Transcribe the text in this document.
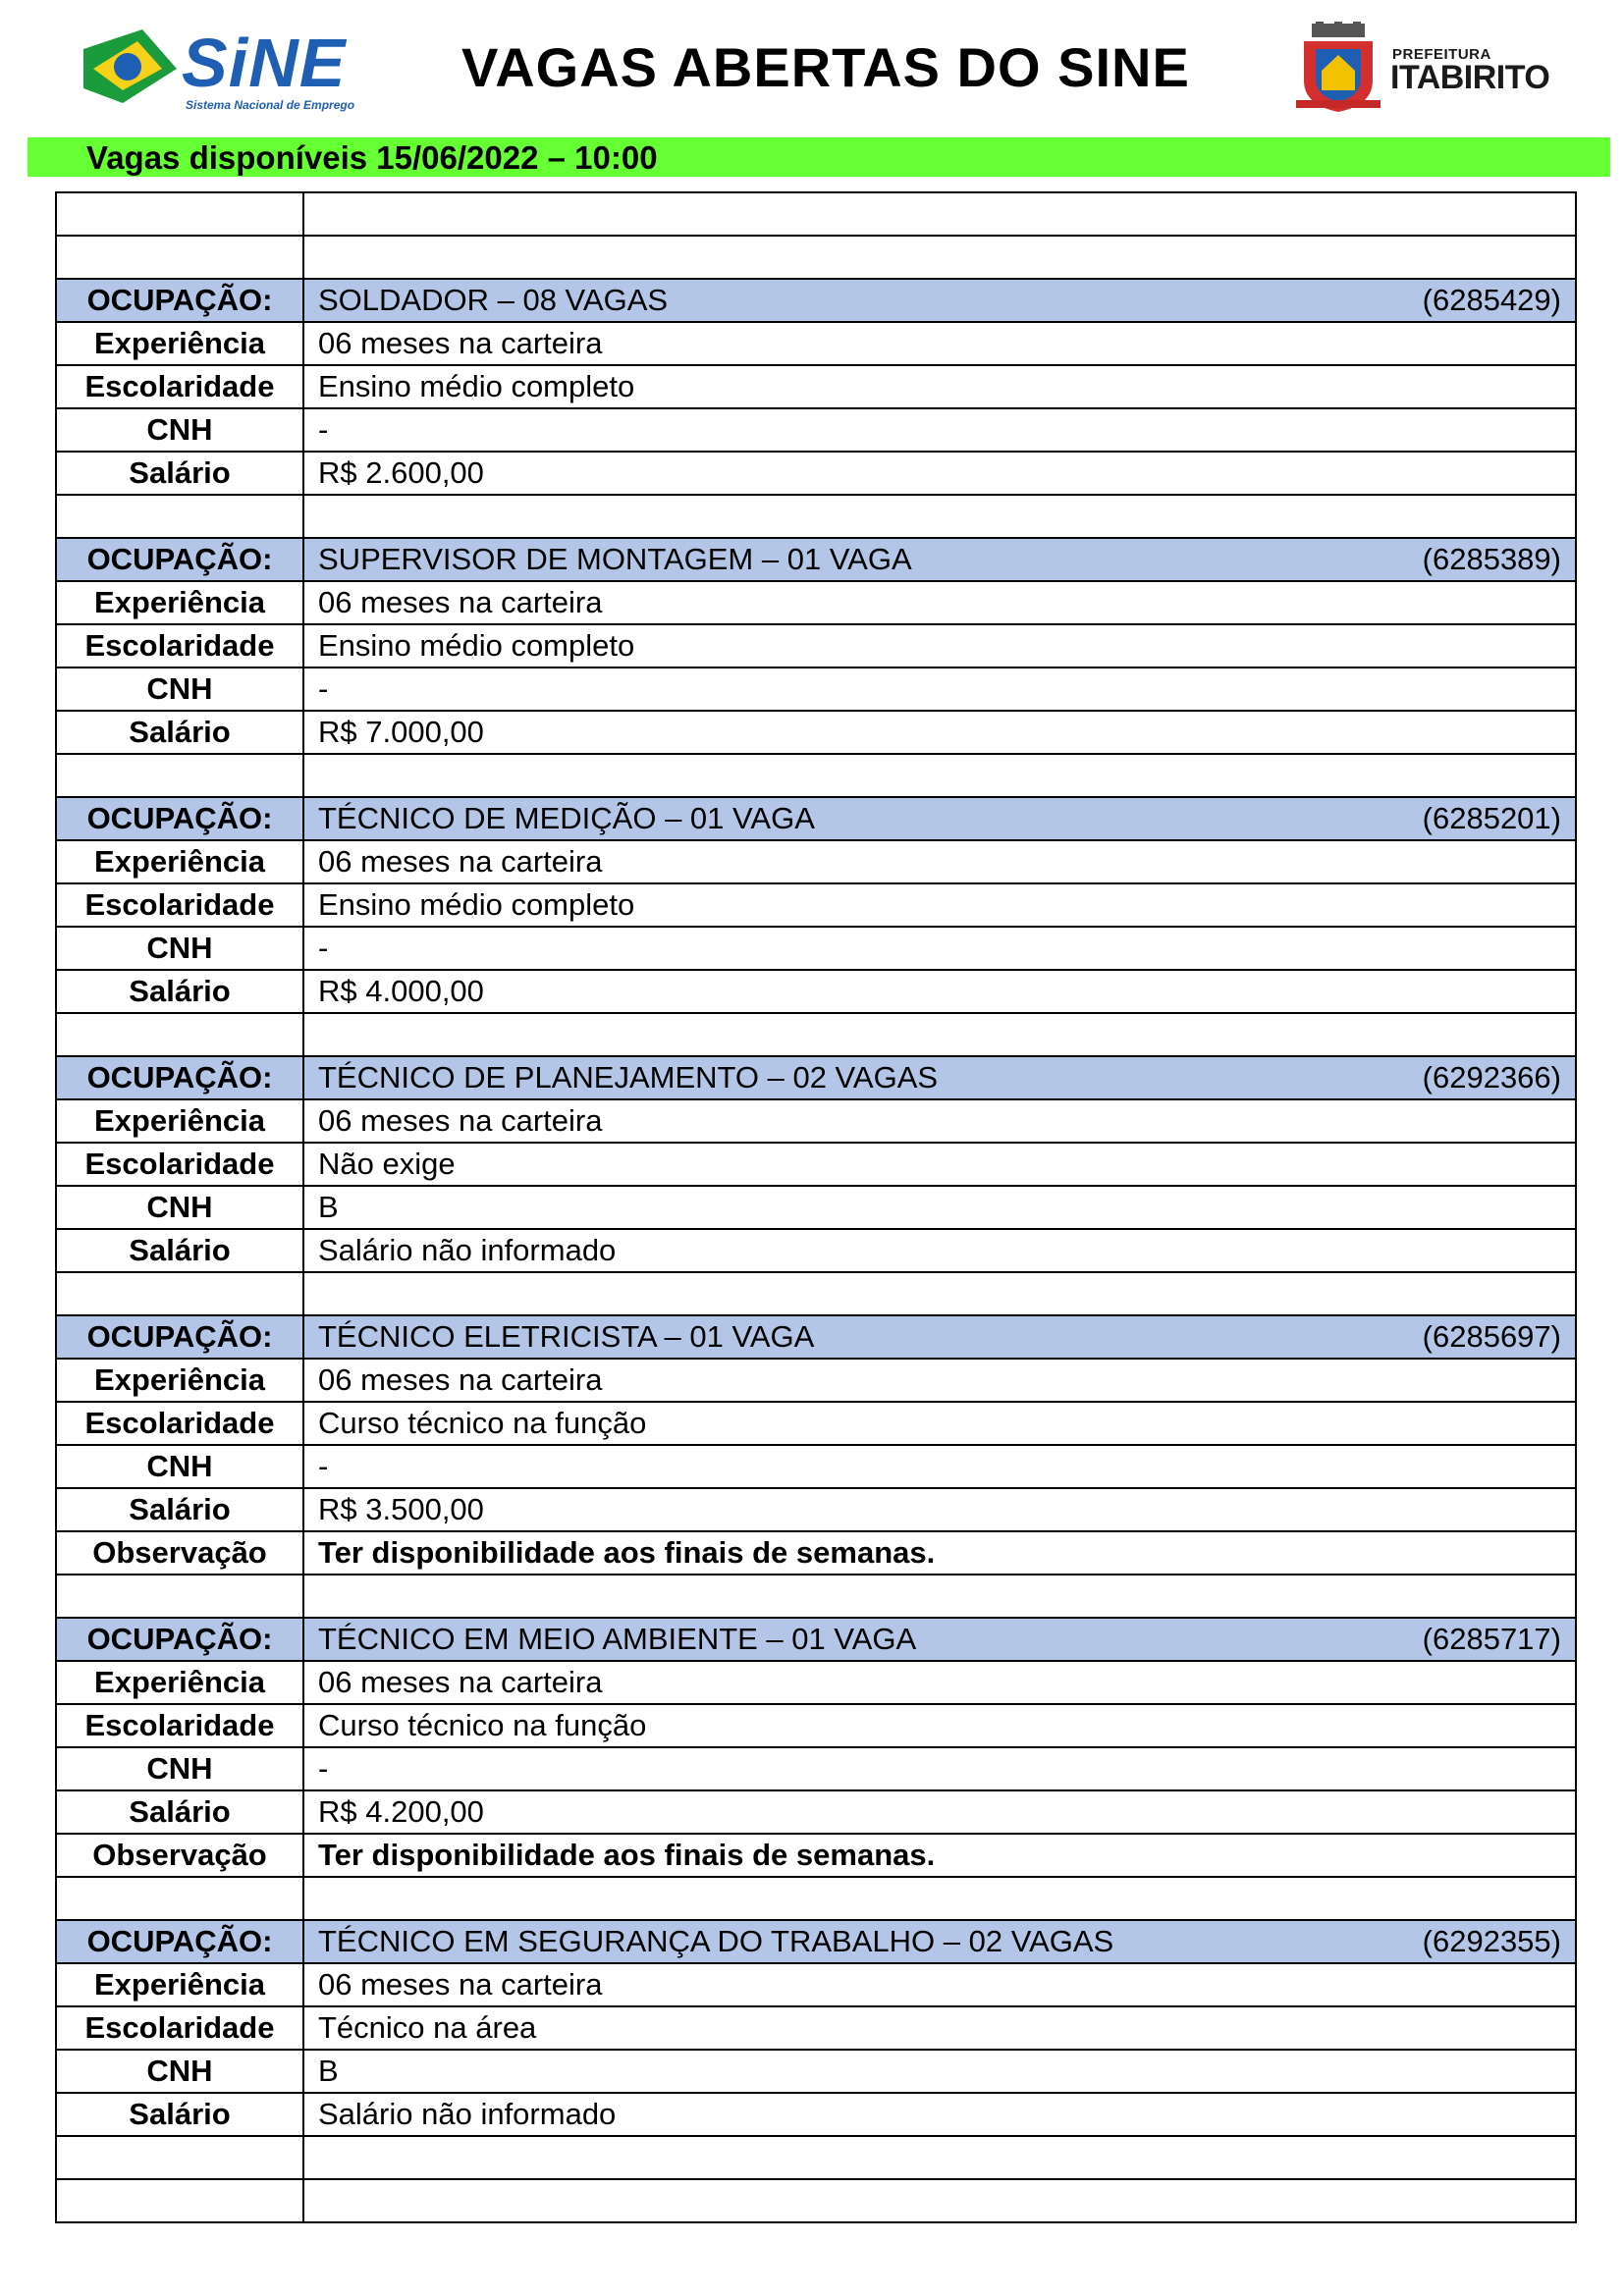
SiNE
Sistema Nacional de Emprego
VAGAS ABERTAS DO SINE	PREFEITURA
ITABIRITO
Vagas disponíveis 15/06/2022 – 10:00

OCUPAÇÃO:	SOLDADOR – 08 VAGAS (6285429)

Experiência	06 meses na carteira
Escolaridade	Ensino médio completo
CNH	-
Salário	R$ 2.600,00

OCUPAÇÃO:	SUPERVISOR DE MONTAGEM – 01 VAGA (6285389)

Experiência	06 meses na carteira
Escolaridade	Ensino médio completo
CNH	-
Salário	R$ 7.000,00

OCUPAÇÃO:	TÉCNICO DE MEDIÇÃO – 01 VAGA (6285201)

Experiência	06 meses na carteira
Escolaridade	Ensino médio completo
CNH	-
Salário	R$ 4.000,00

OCUPAÇÃO:	TÉCNICO DE PLANEJAMENTO – 02 VAGAS (6292366)

Experiência	06 meses na carteira
Escolaridade	Não exige
CNH	B
Salário	Salário não informado

OCUPAÇÃO:	TÉCNICO ELETRICISTA – 01 VAGA (6285697)

Experiência	06 meses na carteira
Escolaridade	Curso técnico na função
CNH	-
Salário	R$ 3.500,00
Observação	Ter disponibilidade aos finais de semanas.

OCUPAÇÃO:	TÉCNICO EM MEIO AMBIENTE – 01 VAGA (6285717)

Experiência	06 meses na carteira
Escolaridade	Curso técnico na função
CNH	-
Salário	R$ 4.200,00
Observação	Ter disponibilidade aos finais de semanas.

OCUPAÇÃO:	TÉCNICO EM SEGURANÇA DO TRABALHO – 02 VAGAS (6292355)

Experiência	06 meses na carteira
Escolaridade	Técnico na área
CNH	B
Salário	Salário não informado
